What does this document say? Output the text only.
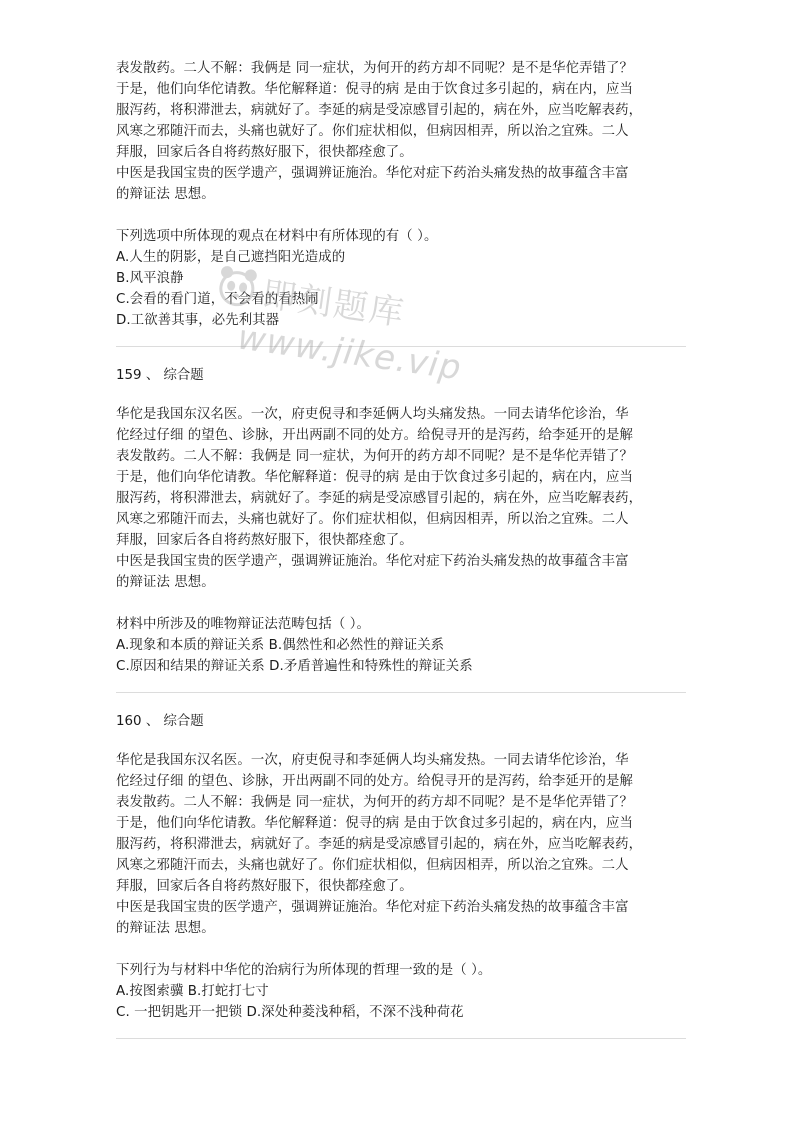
表发散药。二人不解：我俩是 同一症状，为何开的药方却不同呢？是不是华佗弄错了？
于是，他们向华佗请教。华佗解释道：倪寻的病 是由于饮食过多引起的，病在内，应当
服泻药，将积滞泄去，病就好了。李延的病是受凉感冒引起的，病在外，应当吃解表药，
风寒之邪随汗而去，头痛也就好了。你们症状相似，但病因相弄，所以治之宜殊。二人
拜服，回家后各自将药熬好服下，很快都痊愈了。
中医是我国宝贵的医学遗产，强调辨证施治。华佗对症下药治头痛发热的故事蕴含丰富
的辩证法 思想。
下列选项中所体现的观点在材料中有所体现的有（ ）。
A.人生的阴影，是自己遮挡阳光造成的
B.风平浪静
C.会看的看门道，不会看的看热闹
D.工欲善其事，必先利其器
159 、 综合题
华佗是我国东汉名医。一次，府吏倪寻和李延俩人均头痛发热。一同去请华佗诊治，华
佗经过仔细 的望色、诊脉，开出两副不同的处方。给倪寻开的是泻药，给李延开的是解
表发散药。二人不解：我俩是 同一症状，为何开的药方却不同呢？是不是华佗弄错了？
于是，他们向华佗请教。华佗解释道：倪寻的病 是由于饮食过多引起的，病在内，应当
服泻药，将积滞泄去，病就好了。李延的病是受凉感冒引起的，病在外，应当吃解表药，
风寒之邪随汗而去，头痛也就好了。你们症状相似，但病因相弄，所以治之宜殊。二人
拜服，回家后各自将药熬好服下，很快都痊愈了。
中医是我国宝贵的医学遗产，强调辨证施治。华佗对症下药治头痛发热的故事蕴含丰富
的辩证法 思想。
材料中所涉及的唯物辩证法范畴包括（ ）。
A.现象和本质的辩证关系 B.偶然性和必然性的辩证关系
C.原因和结果的辩证关系 D.矛盾普遍性和特殊性的辩证关系
160 、 综合题
华佗是我国东汉名医。一次，府吏倪寻和李延俩人均头痛发热。一同去请华佗诊治，华
佗经过仔细 的望色、诊脉，开出两副不同的处方。给倪寻开的是泻药，给李延开的是解
表发散药。二人不解：我俩是 同一症状，为何开的药方却不同呢？是不是华佗弄错了？
于是，他们向华佗请教。华佗解释道：倪寻的病 是由于饮食过多引起的，病在内，应当
服泻药，将积滞泄去，病就好了。李延的病是受凉感冒引起的，病在外，应当吃解表药，
风寒之邪随汗而去，头痛也就好了。你们症状相似，但病因相弄，所以治之宜殊。二人
拜服，回家后各自将药熬好服下，很快都痊愈了。
中医是我国宝贵的医学遗产，强调辨证施治。华佗对症下药治头痛发热的故事蕴含丰富
的辩证法 思想。
下列行为与材料中华佗的治病行为所体现的哲理一致的是（ ）。
A.按图索骥 B.打蛇打七寸
C. 一把钥匙开一把锁 D.深处种菱浅种稻，不深不浅种荷花
即刻题库
www.jike.vip
